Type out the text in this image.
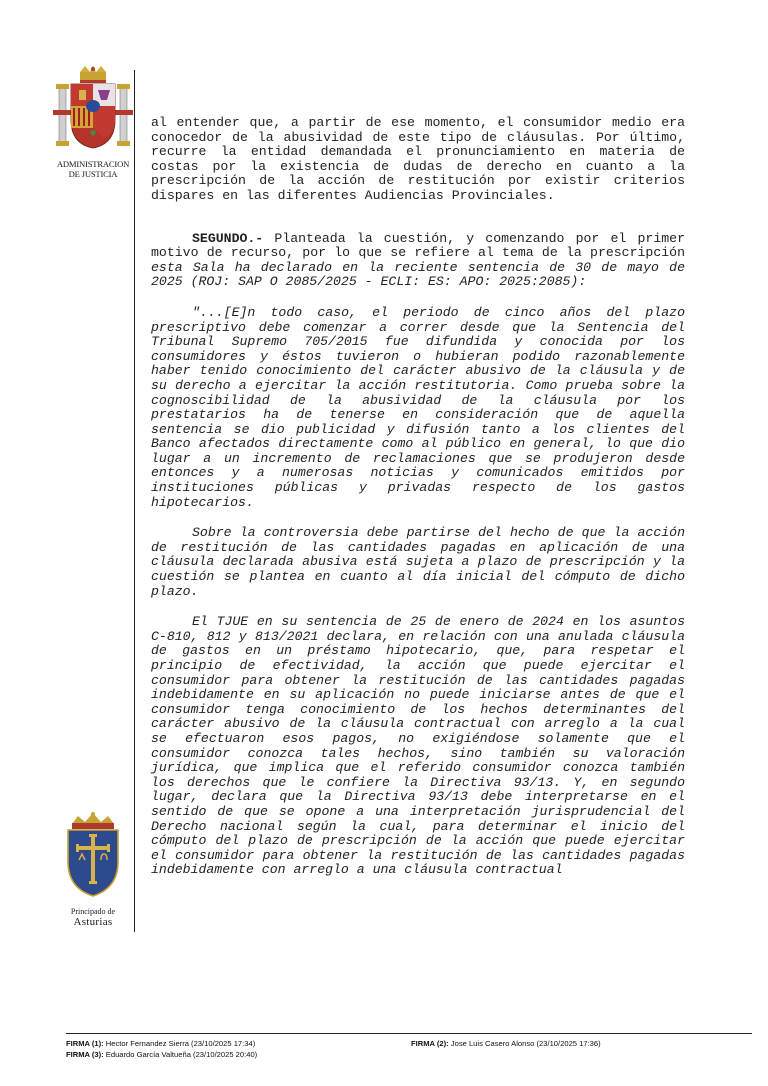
ADMINISTRACION
DE JUSTICIA
Principado de
Asturias

al entender que, a partir de ese momento, el consumidor medio era conocedor de la abusividad de este tipo de cláusulas. Por último, recurre la entidad demandada el pronunciamiento en materia de costas por la existencia de dudas de derecho en cuanto a la prescripción de la acción de restitución por existir criterios dispares en las diferentes Audiencias Provinciales.

SEGUNDO.- Planteada la cuestión, y comenzando por el primer motivo de recurso, por lo que se refiere al tema de la prescripción esta Sala ha declarado en la reciente sentencia de 30 de mayo de 2025 (ROJ: SAP O 2085/2025 - ECLI: ES: APO: 2025:2085):

"...[E]n todo caso, el periodo de cinco años del plazo prescriptivo debe comenzar a correr desde que la Sentencia del Tribunal Supremo 705/2015 fue difundida y conocida por los consumidores y éstos tuvieron o hubieran podido razonablemente haber tenido conocimiento del carácter abusivo de la cláusula y de su derecho a ejercitar la acción restitutoria. Como prueba sobre la cognoscibilidad de la abusividad de la cláusula por los prestatarios ha de tenerse en consideración que de aquella sentencia se dio publicidad y difusión tanto a los clientes del Banco afectados directamente como al público en general, lo que dio lugar a un incremento de reclamaciones que se produjeron desde entonces y a numerosas noticias y comunicados emitidos por instituciones públicas y privadas respecto de los gastos hipotecarios.

Sobre la controversia debe partirse del hecho de que la acción de restitución de las cantidades pagadas en aplicación de una cláusula declarada abusiva está sujeta a plazo de prescripción y la cuestión se plantea en cuanto al día inicial del cómputo de dicho plazo.

El TJUE en su sentencia de 25 de enero de 2024 en los asuntos C-810, 812 y 813/2021 declara, en relación con una anulada cláusula de gastos en un préstamo hipotecario, que, para respetar el principio de efectividad, la acción que puede ejercitar el consumidor para obtener la restitución de las cantidades pagadas indebidamente en su aplicación no puede iniciarse antes de que el consumidor tenga conocimiento de los hechos determinantes del carácter abusivo de la cláusula contractual con arreglo a la cual se efectuaron esos pagos, no exigiéndose solamente que el consumidor conozca tales hechos, sino también su valoración jurídica, que implica que el referido consumidor conozca también los derechos que le confiere la Directiva 93/13. Y, en segundo lugar, declara que la Directiva 93/13 debe interpretarse en el sentido de que se opone a una interpretación jurisprudencial del Derecho nacional según la cual, para determinar el inicio del cómputo del plazo de prescripción de la acción que puede ejercitar el consumidor para obtener la restitución de las cantidades pagadas indebidamente con arreglo a una cláusula contractual

FIRMA (1): Hector Fernandez Sierra (23/10/2025 17:34)	FIRMA (2): Jose Luis Casero Alonso (23/10/2025 17:36)
FIRMA (3): Eduardo García Valtueña (23/10/2025 20:40)
